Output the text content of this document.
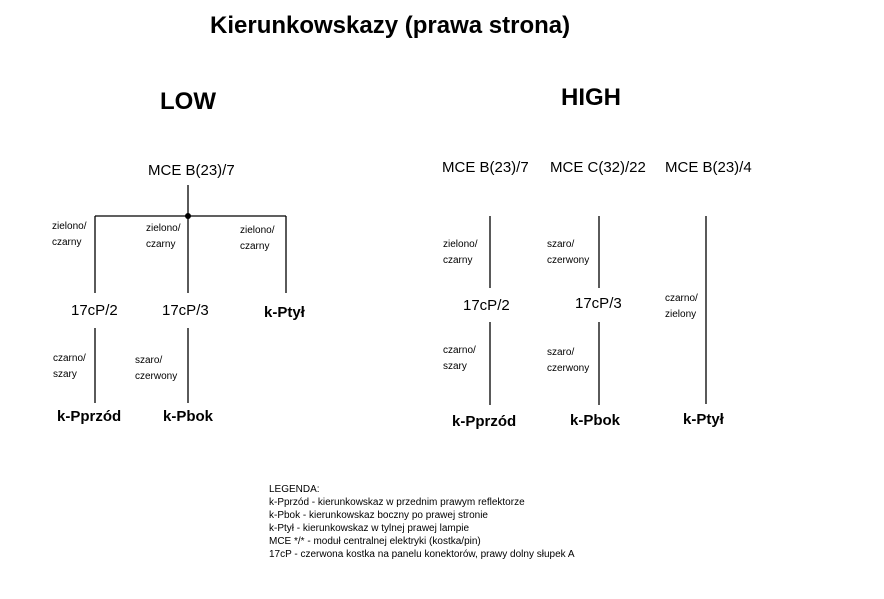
Kierunkowskazy (prawa strona)
LOW
MCE B(23)/7
zielono/
czarny
zielono/
czarny
zielono/
czarny
17cP/2	17cP/3	k-Ptył
czarno/
szary
szaro/
czerwony
k-Pprzód	k-Pbok
HIGH
MCE B(23)/7 MCE C(32)/22 MCE B(23)/4
zielono/
czarny
szaro/
czerwony
17cP/2	17cP/3
czarno/
szary
szaro/
czerwony
czarno/
zielony
k-Pprzód	k-Pbok	k-Ptył
LEGENDA:
k-Pprzód - kierunkowskaz w przednim prawym reflektorze
k-Pbok - kierunkowskaz boczny po prawej stronie
k-Ptył - kierunkowskaz w tylnej prawej lampie
MCE */* - moduł centralnej elektryki (kostka/pin)
17cP - czerwona kostka na panelu konektorów, prawy dolny słupek A
